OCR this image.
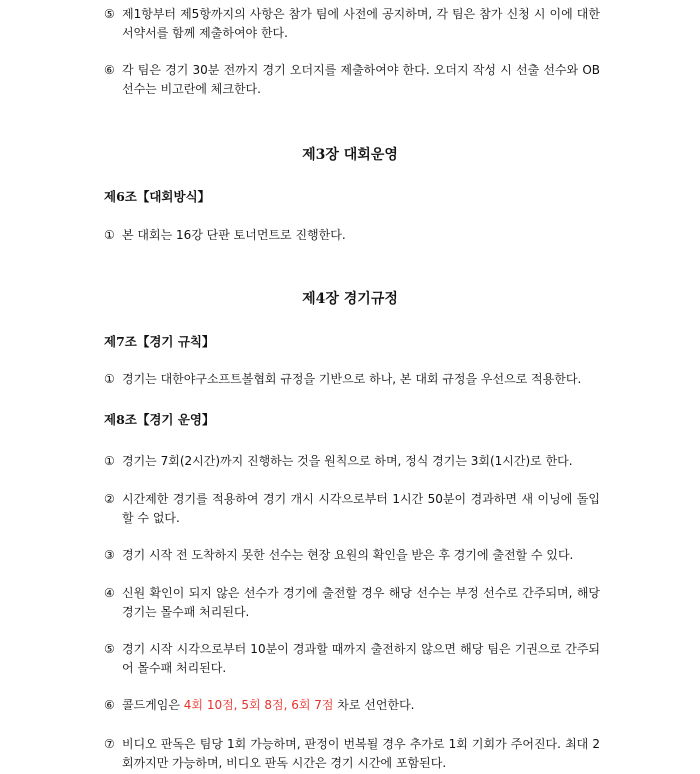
⑤ 제1항부터 제5항까지의 사항은 참가 팀에 사전에 공지하며, 각 팀은 참가 신청 시 이에 대한 서약서를 함께 제출하여야 한다.
⑥ 각 팀은 경기 30분 전까지 경기 오더지를 제출하여야 한다. 오더지 작성 시 선출 선수와 OB 선수는 비고란에 체크한다.
제3장 대회운영
제6조【대회방식】
① 본 대회는 16강 단판 토너먼트로 진행한다.
제4장 경기규정
제7조【경기 규칙】
① 경기는 대한야구소프트볼협회 규정을 기반으로 하나, 본 대회 규정을 우선으로 적용한다.
제8조【경기 운영】
① 경기는 7회(2시간)까지 진행하는 것을 원칙으로 하며, 정식 경기는 3회(1시간)로 한다.
② 시간제한 경기를 적용하여 경기 개시 시각으로부터 1시간 50분이 경과하면 새 이닝에 돌입할 수 없다.
③ 경기 시작 전 도착하지 못한 선수는 현장 요원의 확인을 받은 후 경기에 출전할 수 있다.
④ 신원 확인이 되지 않은 선수가 경기에 출전할 경우 해당 선수는 부정 선수로 간주되며, 해당 경기는 몰수패 처리된다.
⑤ 경기 시작 시각으로부터 10분이 경과할 때까지 출전하지 않으면 해당 팀은 기권으로 간주되어 몰수패 처리된다.
⑥ 콜드게임은 4회 10점, 5회 8점, 6회 7점 차로 선언한다.
⑦ 비디오 판독은 팀당 1회 가능하며, 판정이 번복될 경우 추가로 1회 기회가 주어진다. 최대 2회까지만 가능하며, 비디오 판독 시간은 경기 시간에 포함된다.
